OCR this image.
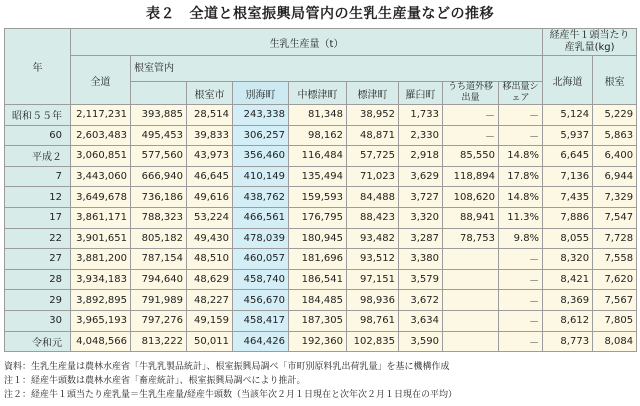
表２　全道と根室振興局管内の生乳生産量などの推移
年	生乳生産量（t）									経産牛１頭当たり産乳量(kg)	
	全道	根室管内								北海道	根室
			根室市	別海町	中標津町	標津町	羅臼町	うち道外移出量	移出量シェア		
昭和５５年	2,117,231	393,885	28,514	243,338	81,348	38,952	1,733	－	－	5,124	5,229
60	2,603,483	495,453	39,833	306,257	98,162	48,871	2,330	－	－	5,937	5,863
平成２	3,060,851	577,560	43,973	356,460	116,484	57,725	2,918	85,550	14.8%	6,645	6,400
7	3,443,060	666,940	46,645	410,149	135,494	71,023	3,629	118,894	17.8%	7,136	6,944
12	3,649,678	736,186	49,616	438,762	159,593	84,488	3,727	108,620	14.8%	7,435	7,329
17	3,861,171	788,323	53,224	466,561	176,795	88,423	3,320	88,941	11.3%	7,886	7,547
22	3,901,651	805,182	49,430	478,039	180,945	93,482	3,287	78,753	9.8%	8,055	7,728
27	3,881,200	787,154	48,510	460,057	181,696	93,512	3,380		－	8,320	7,558
28	3,934,183	794,640	48,629	458,740	186,541	97,151	3,579		－	8,421	7,620
29	3,892,895	791,989	48,227	456,670	184,485	98,936	3,672		－	8,369	7,567
30	3,965,193	797,276	49,159	458,417	187,305	98,761	3,634		－	8,612	7,805
令和元	4,048,566	813,222	50,011	464,426	192,360	102,835	3,590		－	8,773	8,084
資料：生乳生産量は農林水産省「牛乳乳製品統計」、根室振興局調べ「市町別原料乳出荷乳量」を基に機構作成
注１：経産牛頭数は農林水産省「畜産統計」、根室振興局調べにより推計。
注２：経産牛１頭当たり産乳量＝生乳生産量/経産牛頭数（当該年次２月１日現在と次年次２月１日現在の平均）
